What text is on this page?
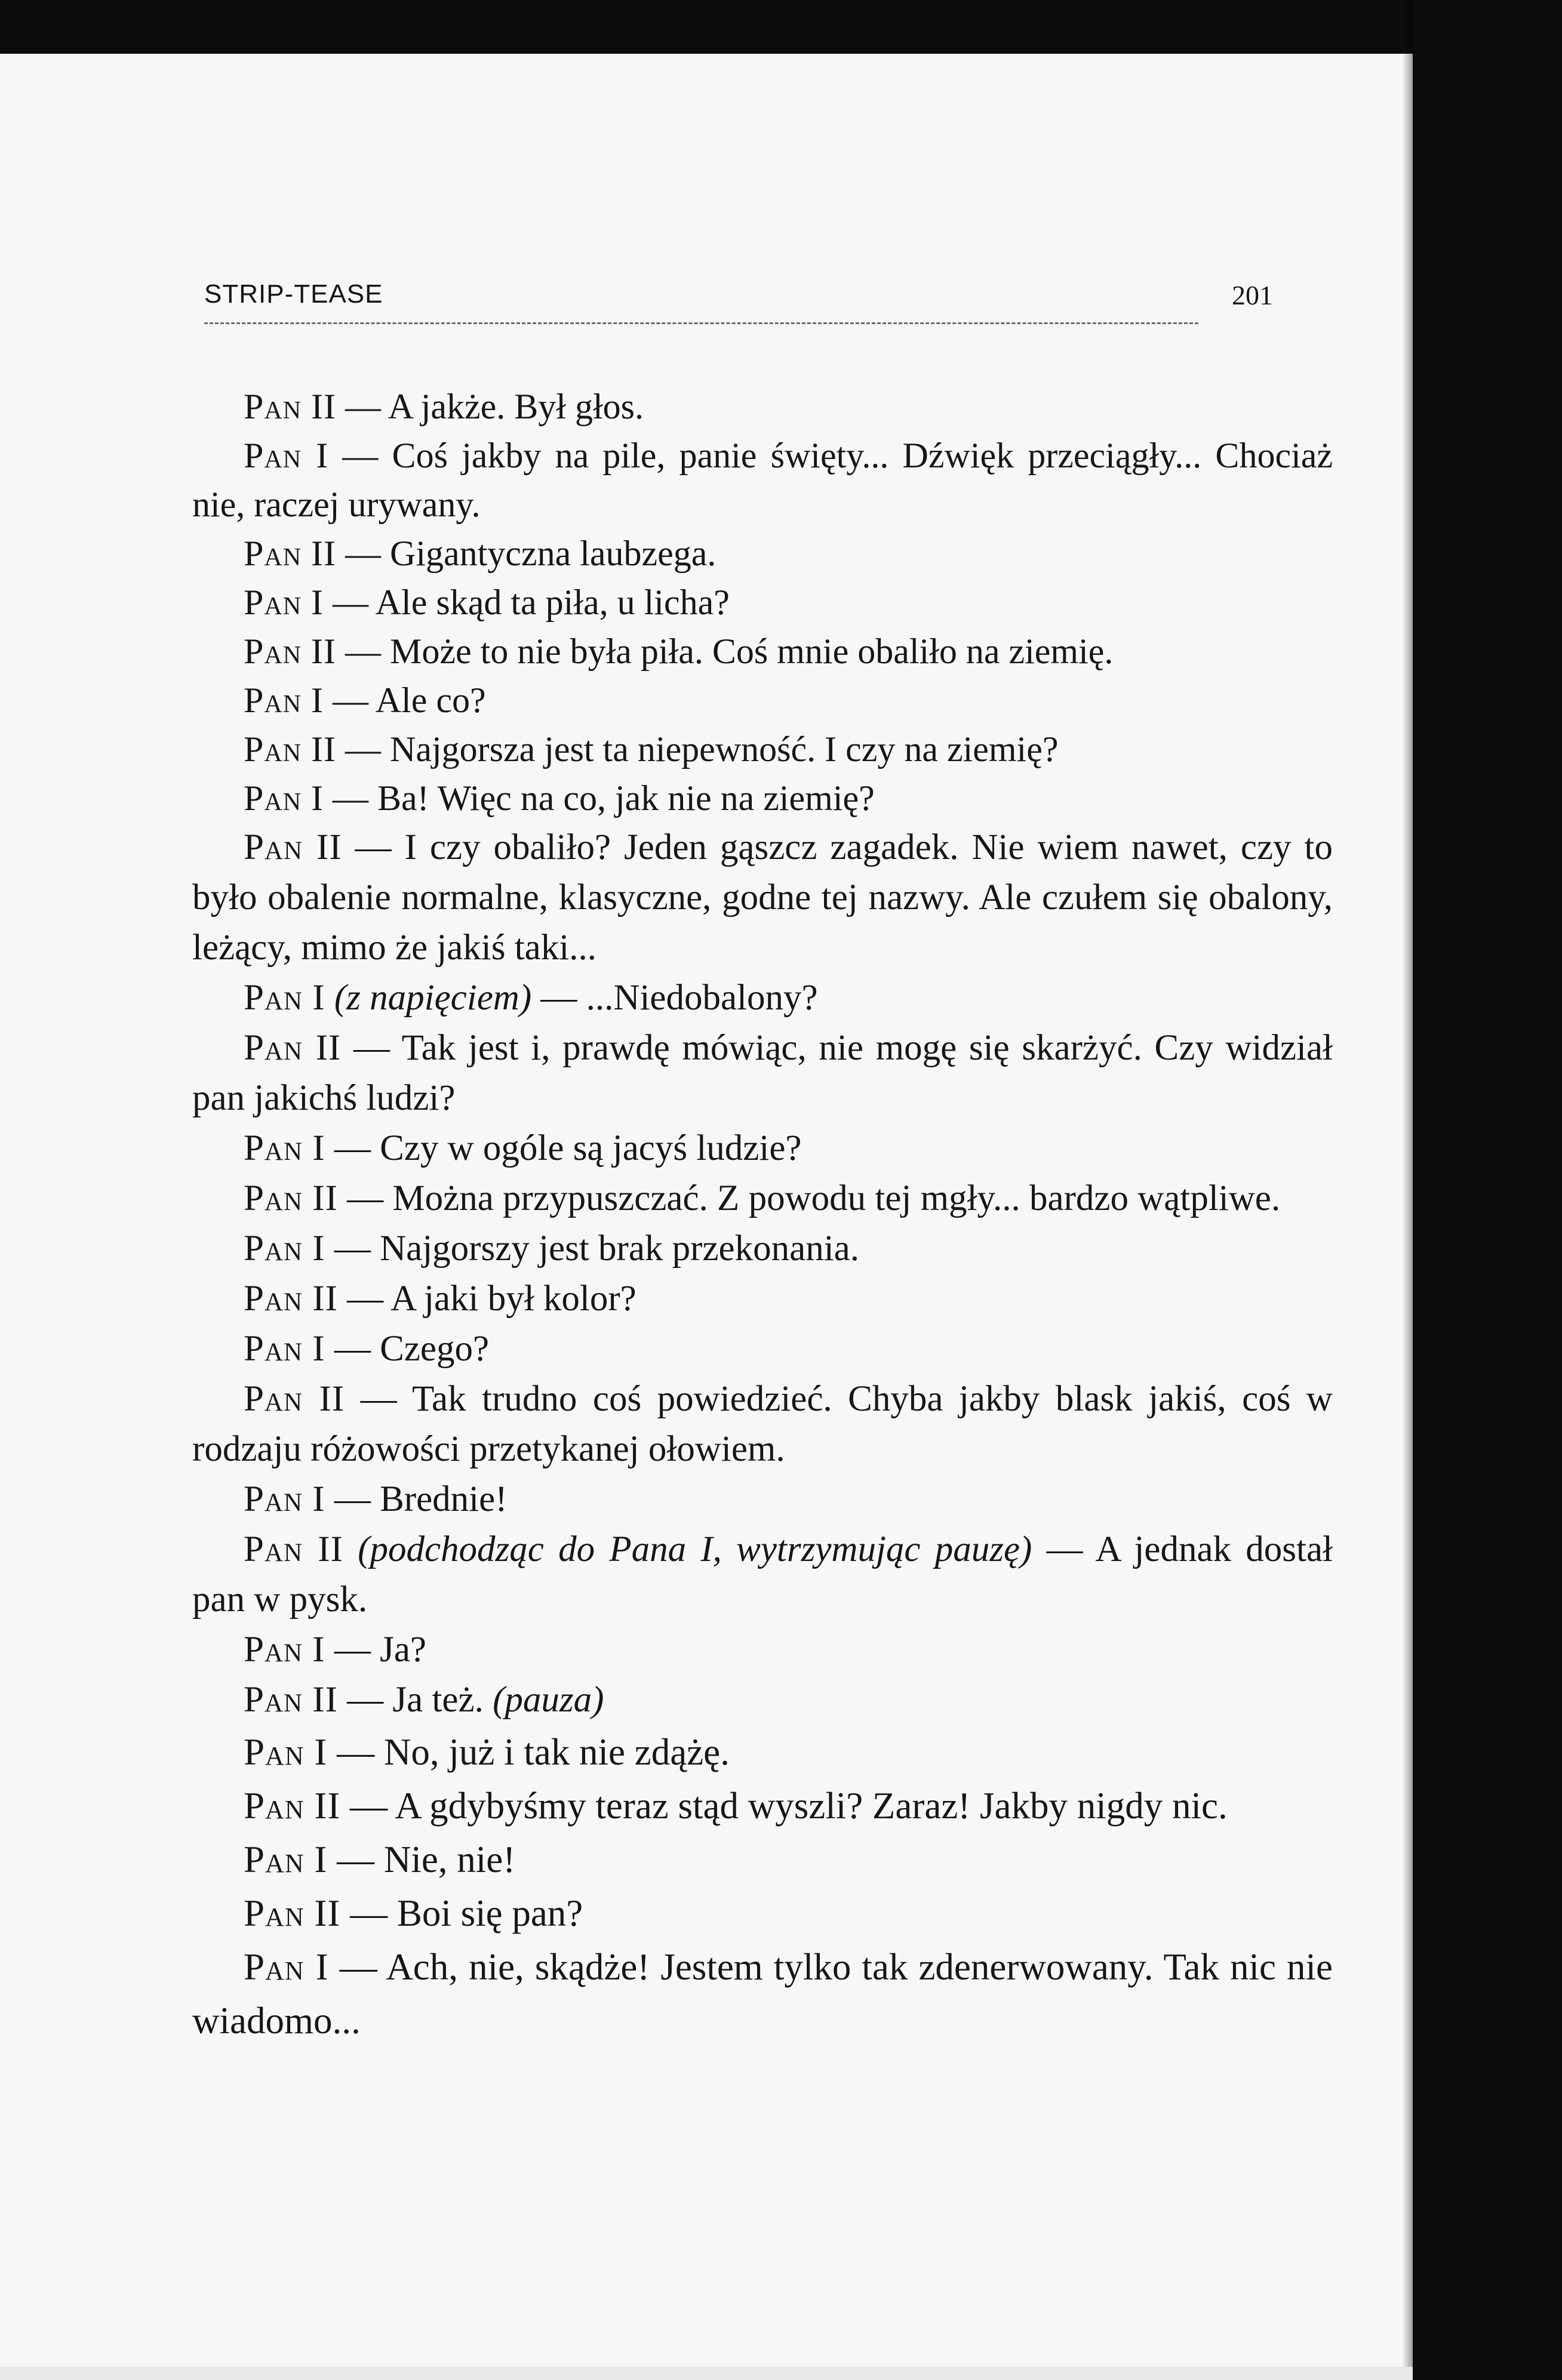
STRIP-TEASE	201

Pan II — A jakże. Był głos.

Pan I — Coś jakby na pile, panie święty... Dźwięk przeciągły... Chociaż nie, raczej urywany.

Pan II — Gigantyczna laubzega.

Pan I — Ale skąd ta piła, u licha?

Pan II — Może to nie była piła. Coś mnie obaliło na ziemię.

Pan I — Ale co?

Pan II — Najgorsza jest ta niepewność. I czy na ziemię?

Pan I — Ba! Więc na co, jak nie na ziemię?

Pan II — I czy obaliło? Jeden gąszcz zagadek. Nie wiem nawet, czy to było obalenie normalne, klasyczne, godne tej nazwy. Ale czułem się obalony, leżący, mimo że jakiś taki...

Pan I (z napięciem) — ...Niedobalony?

Pan II — Tak jest i, prawdę mówiąc, nie mogę się skarżyć. Czy widział pan jakichś ludzi?

Pan I — Czy w ogóle są jacyś ludzie?

Pan II — Można przypuszczać. Z powodu tej mgły... bardzo wątpliwe.

Pan I — Najgorszy jest brak przekonania.

Pan II — A jaki był kolor?

Pan I — Czego?

Pan II — Tak trudno coś powiedzieć. Chyba jakby blask jakiś, coś w rodzaju różowości przetykanej ołowiem.

Pan I — Brednie!

Pan II (podchodząc do Pana I, wytrzymując pauzę) — A jednak dostał pan w pysk.

Pan I — Ja?

Pan II — Ja też. (pauza)

Pan I — No, już i tak nie zdążę.

Pan II — A gdybyśmy teraz stąd wyszli? Zaraz! Jakby nigdy nic.

Pan I — Nie, nie!

Pan II — Boi się pan?

Pan I — Ach, nie, skądże! Jestem tylko tak zdenerwowany. Tak nic nie wiadomo...
